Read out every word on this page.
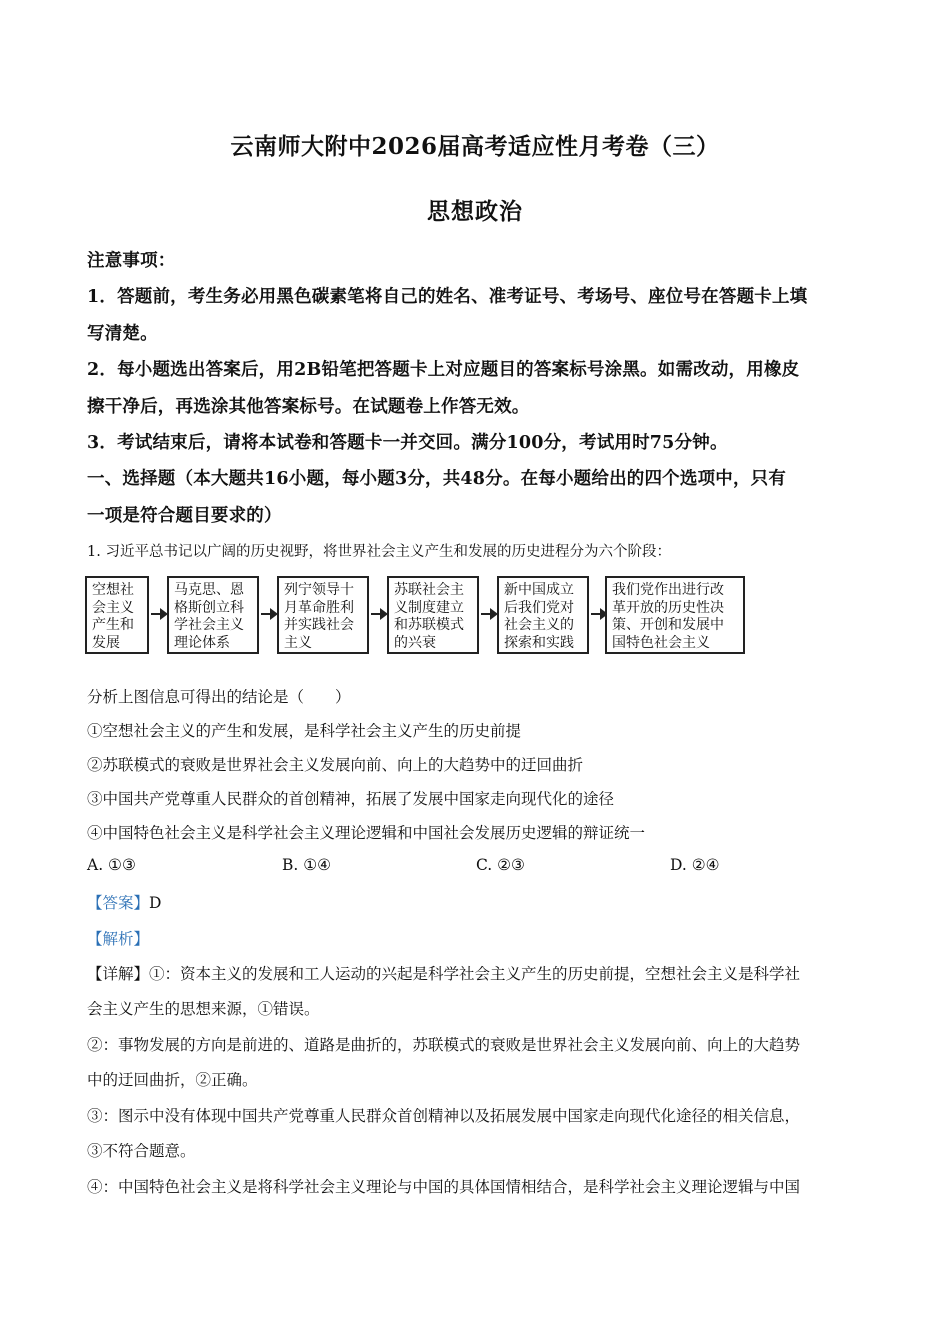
云南师大附中2026届高考适应性月考卷（三）
思想政治
注意事项：
1．答题前，考生务必用黑色碳素笔将自己的姓名、准考证号、考场号、座位号在答题卡上填
写清楚。
2．每小题选出答案后，用2B铅笔把答题卡上对应题目的答案标号涂黑。如需改动，用橡皮
擦干净后，再选涂其他答案标号。在试题卷上作答无效。
3．考试结束后，请将本试卷和答题卡一并交回。满分100分，考试用时75分钟。
一、选择题（本大题共16小题，每小题3分，共48分。在每小题给出的四个选项中，只有
一项是符合题目要求的）
1. 习近平总书记以广阔的历史视野，将世界社会主义产生和发展的历史进程分为六个阶段：
空想社
会主义
产生和
发展
马克思、恩
格斯创立科
学社会主义
理论体系
列宁领导十
月革命胜利
并实践社会
主义
苏联社会主
义制度建立
和苏联模式
的兴衰
新中国成立
后我们党对
社会主义的
探索和实践
我们党作出进行改
革开放的历史性决
策、开创和发展中
国特色社会主义
分析上图信息可得出的结论是（　　）
①空想社会主义的产生和发展，是科学社会主义产生的历史前提
②苏联模式的衰败是世界社会主义发展向前、向上的大趋势中的迂回曲折
③中国共产党尊重人民群众的首创精神，拓展了发展中国家走向现代化的途径
④中国特色社会主义是科学社会主义理论逻辑和中国社会发展历史逻辑的辩证统一
A. ①③	B. ①④	C. ②③	D. ②④
【答案】D
【解析】
【详解】①：资本主义的发展和工人运动的兴起是科学社会主义产生的历史前提，空想社会主义是科学社
会主义产生的思想来源，①错误。
②：事物发展的方向是前进的、道路是曲折的，苏联模式的衰败是世界社会主义发展向前、向上的大趋势
中的迂回曲折，②正确。
③：图示中没有体现中国共产党尊重人民群众首创精神以及拓展发展中国家走向现代化途径的相关信息，
③不符合题意。
④：中国特色社会主义是将科学社会主义理论与中国的具体国情相结合，是科学社会主义理论逻辑与中国
